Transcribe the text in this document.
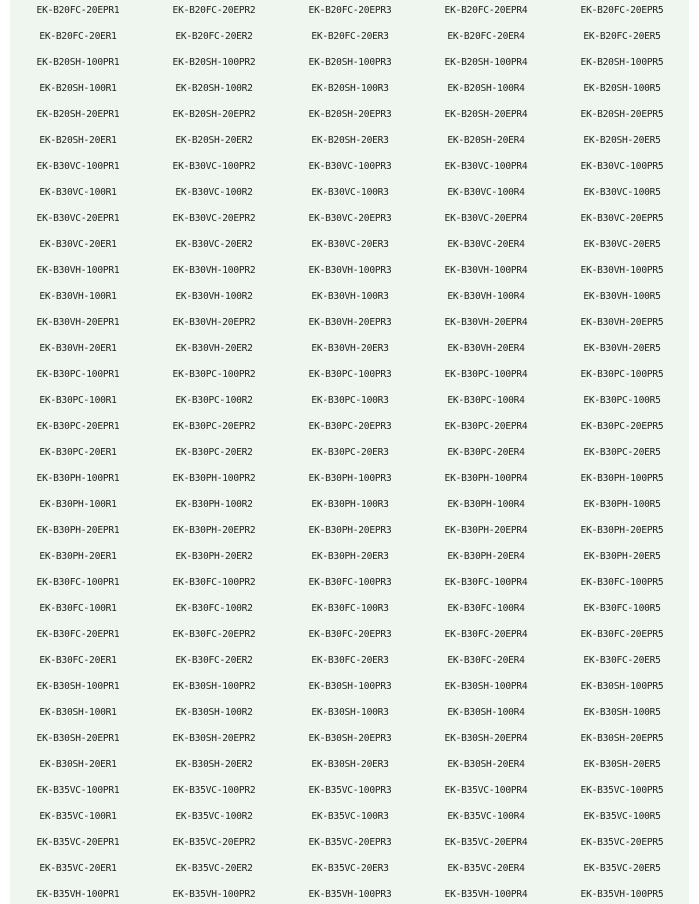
EK-B20FC-20EPR1	EK-B20FC-20EPR2	EK-B20FC-20EPR3	EK-B20FC-20EPR4	EK-B20FC-20EPR5
EK-B20FC-20ER1	EK-B20FC-20ER2	EK-B20FC-20ER3	EK-B20FC-20ER4	EK-B20FC-20ER5
EK-B20SH-100PR1	EK-B20SH-100PR2	EK-B20SH-100PR3	EK-B20SH-100PR4	EK-B20SH-100PR5
EK-B20SH-100R1	EK-B20SH-100R2	EK-B20SH-100R3	EK-B20SH-100R4	EK-B20SH-100R5
EK-B20SH-20EPR1	EK-B20SH-20EPR2	EK-B20SH-20EPR3	EK-B20SH-20EPR4	EK-B20SH-20EPR5
EK-B20SH-20ER1	EK-B20SH-20ER2	EK-B20SH-20ER3	EK-B20SH-20ER4	EK-B20SH-20ER5
EK-B30VC-100PR1	EK-B30VC-100PR2	EK-B30VC-100PR3	EK-B30VC-100PR4	EK-B30VC-100PR5
EK-B30VC-100R1	EK-B30VC-100R2	EK-B30VC-100R3	EK-B30VC-100R4	EK-B30VC-100R5
EK-B30VC-20EPR1	EK-B30VC-20EPR2	EK-B30VC-20EPR3	EK-B30VC-20EPR4	EK-B30VC-20EPR5
EK-B30VC-20ER1	EK-B30VC-20ER2	EK-B30VC-20ER3	EK-B30VC-20ER4	EK-B30VC-20ER5
EK-B30VH-100PR1	EK-B30VH-100PR2	EK-B30VH-100PR3	EK-B30VH-100PR4	EK-B30VH-100PR5
EK-B30VH-100R1	EK-B30VH-100R2	EK-B30VH-100R3	EK-B30VH-100R4	EK-B30VH-100R5
EK-B30VH-20EPR1	EK-B30VH-20EPR2	EK-B30VH-20EPR3	EK-B30VH-20EPR4	EK-B30VH-20EPR5
EK-B30VH-20ER1	EK-B30VH-20ER2	EK-B30VH-20ER3	EK-B30VH-20ER4	EK-B30VH-20ER5
EK-B30PC-100PR1	EK-B30PC-100PR2	EK-B30PC-100PR3	EK-B30PC-100PR4	EK-B30PC-100PR5
EK-B30PC-100R1	EK-B30PC-100R2	EK-B30PC-100R3	EK-B30PC-100R4	EK-B30PC-100R5
EK-B30PC-20EPR1	EK-B30PC-20EPR2	EK-B30PC-20EPR3	EK-B30PC-20EPR4	EK-B30PC-20EPR5
EK-B30PC-20ER1	EK-B30PC-20ER2	EK-B30PC-20ER3	EK-B30PC-20ER4	EK-B30PC-20ER5
EK-B30PH-100PR1	EK-B30PH-100PR2	EK-B30PH-100PR3	EK-B30PH-100PR4	EK-B30PH-100PR5
EK-B30PH-100R1	EK-B30PH-100R2	EK-B30PH-100R3	EK-B30PH-100R4	EK-B30PH-100R5
EK-B30PH-20EPR1	EK-B30PH-20EPR2	EK-B30PH-20EPR3	EK-B30PH-20EPR4	EK-B30PH-20EPR5
EK-B30PH-20ER1	EK-B30PH-20ER2	EK-B30PH-20ER3	EK-B30PH-20ER4	EK-B30PH-20ER5
EK-B30FC-100PR1	EK-B30FC-100PR2	EK-B30FC-100PR3	EK-B30FC-100PR4	EK-B30FC-100PR5
EK-B30FC-100R1	EK-B30FC-100R2	EK-B30FC-100R3	EK-B30FC-100R4	EK-B30FC-100R5
EK-B30FC-20EPR1	EK-B30FC-20EPR2	EK-B30FC-20EPR3	EK-B30FC-20EPR4	EK-B30FC-20EPR5
EK-B30FC-20ER1	EK-B30FC-20ER2	EK-B30FC-20ER3	EK-B30FC-20ER4	EK-B30FC-20ER5
EK-B30SH-100PR1	EK-B30SH-100PR2	EK-B30SH-100PR3	EK-B30SH-100PR4	EK-B30SH-100PR5
EK-B30SH-100R1	EK-B30SH-100R2	EK-B30SH-100R3	EK-B30SH-100R4	EK-B30SH-100R5
EK-B30SH-20EPR1	EK-B30SH-20EPR2	EK-B30SH-20EPR3	EK-B30SH-20EPR4	EK-B30SH-20EPR5
EK-B30SH-20ER1	EK-B30SH-20ER2	EK-B30SH-20ER3	EK-B30SH-20ER4	EK-B30SH-20ER5
EK-B35VC-100PR1	EK-B35VC-100PR2	EK-B35VC-100PR3	EK-B35VC-100PR4	EK-B35VC-100PR5
EK-B35VC-100R1	EK-B35VC-100R2	EK-B35VC-100R3	EK-B35VC-100R4	EK-B35VC-100R5
EK-B35VC-20EPR1	EK-B35VC-20EPR2	EK-B35VC-20EPR3	EK-B35VC-20EPR4	EK-B35VC-20EPR5
EK-B35VC-20ER1	EK-B35VC-20ER2	EK-B35VC-20ER3	EK-B35VC-20ER4	EK-B35VC-20ER5
EK-B35VH-100PR1	EK-B35VH-100PR2	EK-B35VH-100PR3	EK-B35VH-100PR4	EK-B35VH-100PR5
